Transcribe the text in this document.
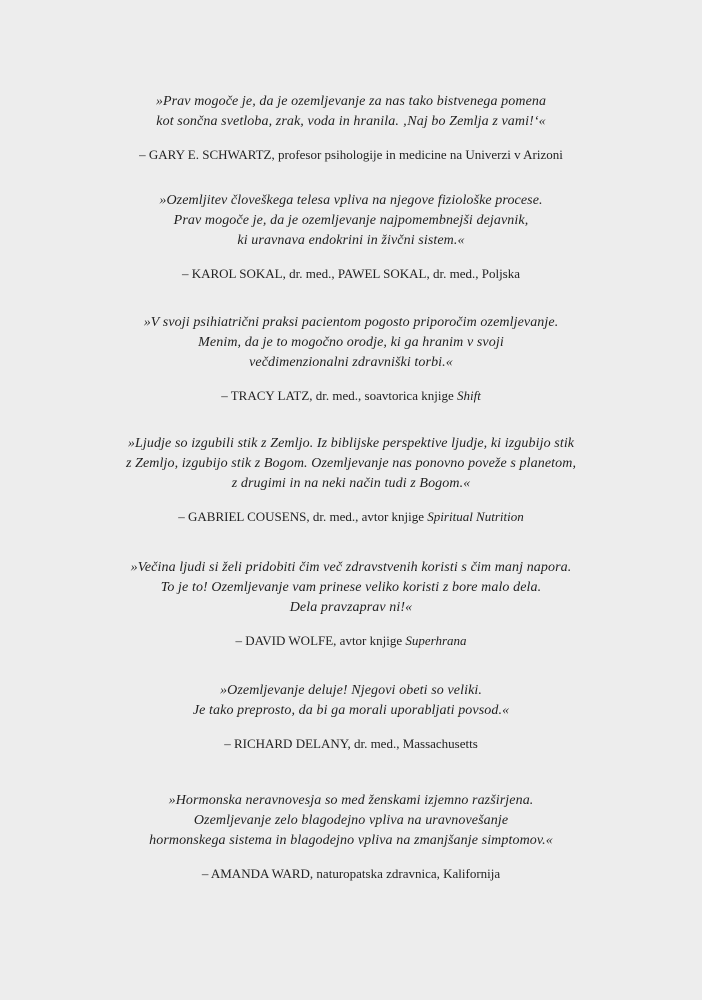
»Prav mogoče je, da je ozemljevanje za nas tako bistvenega pomena
kot sončna svetloba, zrak, voda in hranila. ‚Naj bo Zemlja z vami!‘«
– GARY E. SCHWARTZ, profesor psihologije in medicine na Univerzi v Arizoni
»Ozemljitev človeškega telesa vpliva na njegove fiziološke procese.
Prav mogoče je, da je ozemljevanje najpomembnejši dejavnik,
ki uravnava endokrini in živčni sistem.«
– KAROL SOKAL, dr. med., PAWEL SOKAL, dr. med., Poljska
»V svoji psihiatrični praksi pacientom pogosto priporočim ozemljevanje.
Menim, da je to mogočno orodje, ki ga hranim v svoji
večdimenzionalni zdravniški torbi.«
– TRACY LATZ, dr. med., soavtorica knjige Shift
»Ljudje so izgubili stik z Zemljo. Iz biblijske perspektive ljudje, ki izgubijo stik
z Zemljo, izgubijo stik z Bogom. Ozemljevanje nas ponovno poveže s planetom,
z drugimi in na neki način tudi z Bogom.«
– GABRIEL COUSENS, dr. med., avtor knjige Spiritual Nutrition
»Večina ljudi si želi pridobiti čim več zdravstvenih koristi s čim manj napora.
To je to! Ozemljevanje vam prinese veliko koristi z bore malo dela.
Dela pravzaprav ni!«
– DAVID WOLFE, avtor knjige Superhrana
»Ozemljevanje deluje! Njegovi obeti so veliki.
Je tako preprosto, da bi ga morali uporabljati povsod.«
– RICHARD DELANY, dr. med., Massachusetts
»Hormonska neravnovesja so med ženskami izjemno razširjena.
Ozemljevanje zelo blagodejno vpliva na uravnovešanje
hormonskega sistema in blagodejno vpliva na zmanjšanje simptomov.«
– AMANDA WARD, naturopatska zdravnica, Kalifornija
